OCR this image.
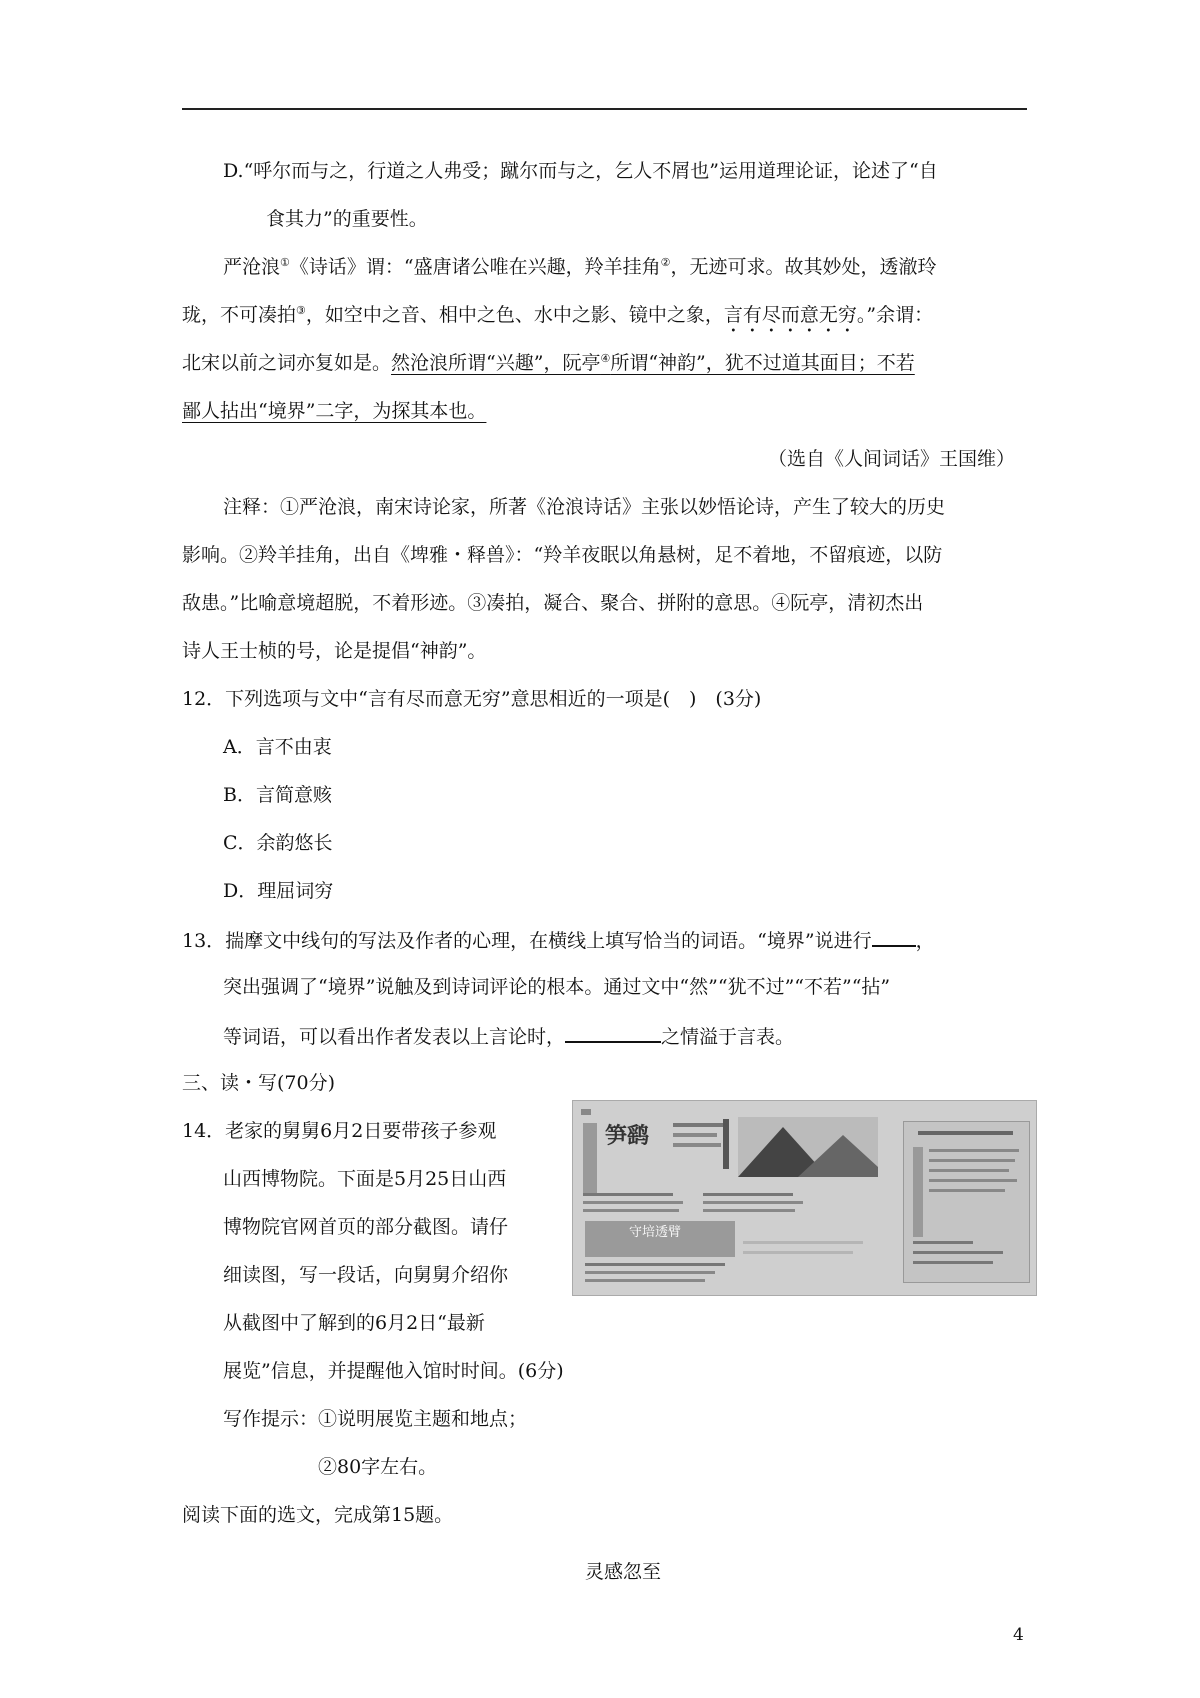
D.“呼尔而与之，行道之人弗受；蹴尔而与之，乞人不屑也”运用道理论证，论述了“自
食其力”的重要性。
严沧浪①《诗话》谓：“盛唐诸公唯在兴趣，羚羊挂角②，无迹可求。故其妙处，透澈玲
珑，不可凑拍③，如空中之音、相中之色、水中之影、镜中之象，言有尽而意无穷。”余谓：
北宋以前之词亦复如是。然沧浪所谓“兴趣”，阮亭④所谓“神韵”，犹不过道其面目；不若
鄙人拈出“境界”二字，为探其本也。
（选自《人间词话》王国维）
注释：①严沧浪，南宋诗论家，所著《沧浪诗话》主张以妙悟论诗，产生了较大的历史
影响。②羚羊挂角，出自《埤雅・释兽》：“羚羊夜眠以角悬树，足不着地，不留痕迹，以防
敌患。”比喻意境超脱，不着形迹。③凑拍，凝合、聚合、拼附的意思。④阮亭，清初杰出
诗人王士桢的号，论是提倡“神韵”。
12．下列选项与文中“言有尽而意无穷”意思相近的一项是(　)　(3分)
A．言不由衷
B．言简意赅
C．余韵悠长
D．理屈词穷
13．揣摩文中线句的写法及作者的心理，在横线上填写恰当的词语。“境界”说进行 ，
突出强调了“境界”说触及到诗词评论的根本。通过文中“然”“犹不过”“不若”“拈”
等词语，可以看出作者发表以上言论时，	之情溢于言表。
三、读・写(70分)
14．老家的舅舅6月2日要带孩子参观
山西博物院。下面是5月25日山西
博物院官网首页的部分截图。请仔
细读图，写一段话，向舅舅介绍你
从截图中了解到的6月2日“最新
展览”信息，并提醒他入馆时时间。(6分)
写作提示：①说明展览主题和地点；
②80字左右。
笋鹞
守培透臂
阅读下面的选文，完成第15题。
灵感忽至
4
